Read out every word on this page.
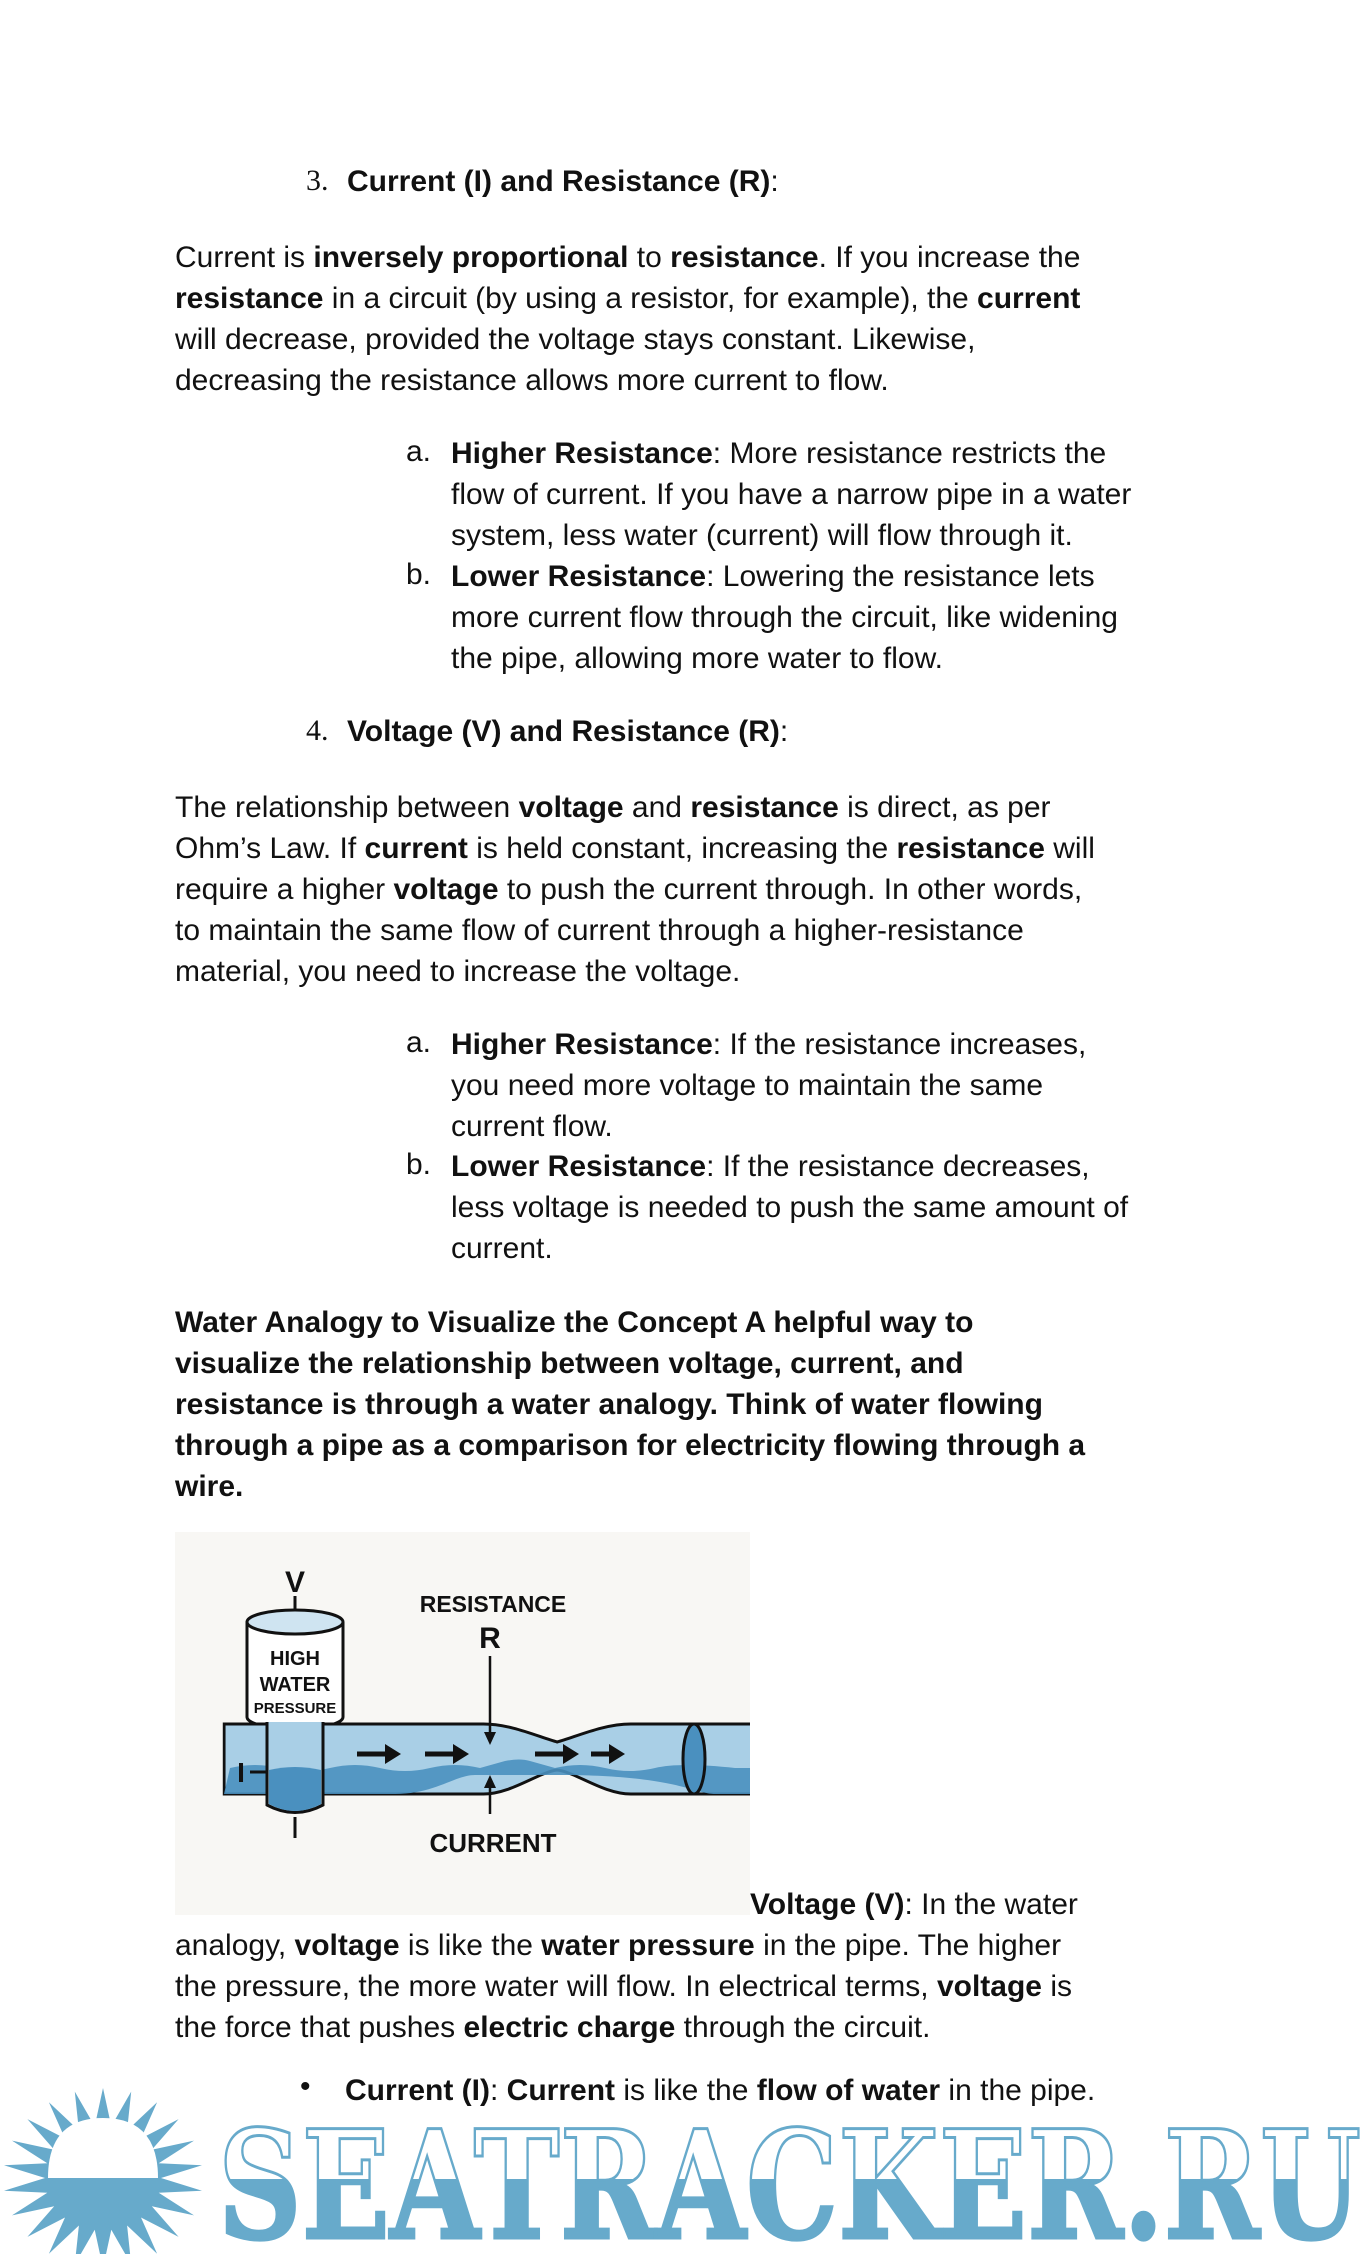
3. Current (I) and Resistance (R):
Current is inversely proportional to resistance. If you increase the
resistance in a circuit (by using a resistor, for example), the current
will decrease, provided the voltage stays constant. Likewise,
decreasing the resistance allows more current to flow.
a. Higher Resistance: More resistance restricts the
flow of current. If you have a narrow pipe in a water
system, less water (current) will flow through it.
b. Lower Resistance: Lowering the resistance lets
more current flow through the circuit, like widening
the pipe, allowing more water to flow.
4. Voltage (V) and Resistance (R):
The relationship between voltage and resistance is direct, as per
Ohm’s Law. If current is held constant, increasing the resistance will
require a higher voltage to push the current through. In other words,
to maintain the same flow of current through a higher-resistance
material, you need to increase the voltage.
a. Higher Resistance: If the resistance increases,
you need more voltage to maintain the same
current flow.
b. Lower Resistance: If the resistance decreases,
less voltage is needed to push the same amount of
current.
Water Analogy to Visualize the Concept A helpful way to
visualize the relationship between voltage, current, and
resistance is through a water analogy. Think of water flowing
through a pipe as a comparison for electricity flowing through a
wire.
V
HIGH
WATER
PRESSURE
I
RESISTANCE
R
CURRENT
Voltage (V): In the water
analogy, voltage is like the water pressure in the pipe. The higher
the pressure, the more water will flow. In electrical terms, voltage is
the force that pushes electric charge through the circuit.
• Current (I): Current is like the flow of water in the pipe.
SEATRACKER.RU
